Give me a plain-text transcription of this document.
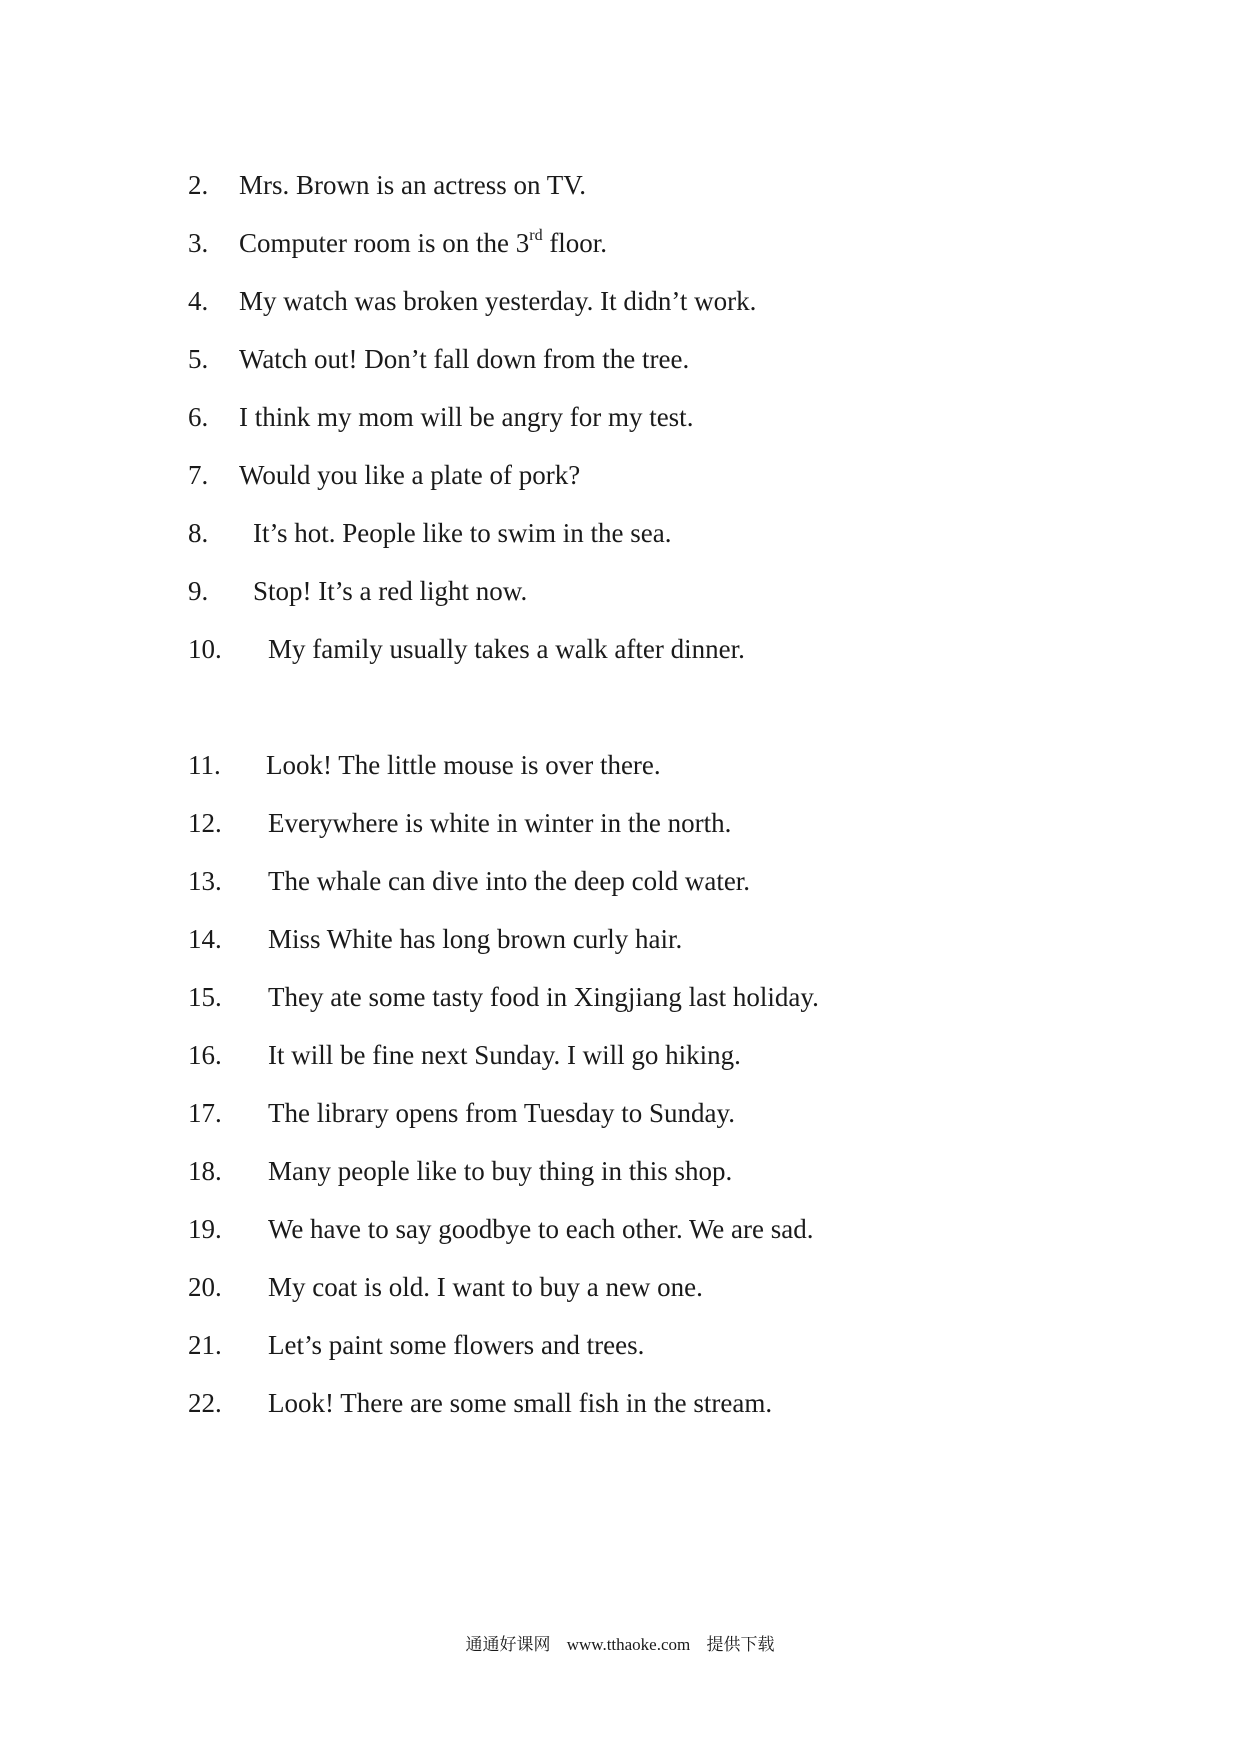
2. Mrs. Brown is an actress on TV.
3. Computer room is on the 3rd floor.
4. My watch was broken yesterday. It didn’t work.
5. Watch out! Don’t fall down from the tree.
6. I think my mom will be angry for my test.
7. Would you like a plate of pork?
8. It’s hot. People like to swim in the sea.
9. Stop! It’s a red light now.
10. My family usually takes a walk after dinner.
11. Look! The little mouse is over there.
12. Everywhere is white in winter in the north.
13. The whale can dive into the deep cold water.
14. Miss White has long brown curly hair.
15. They ate some tasty food in Xingjiang last holiday.
16. It will be fine next Sunday. I will go hiking.
17. The library opens from Tuesday to Sunday.
18. Many people like to buy thing in this shop.
19. We have to say goodbye to each other. We are sad.
20. My coat is old. I want to buy a new one.
21. Let’s paint some flowers and trees.
22. Look! There are some small fish in the stream.
通通好课网 www.tthaoke.com 提供下载
